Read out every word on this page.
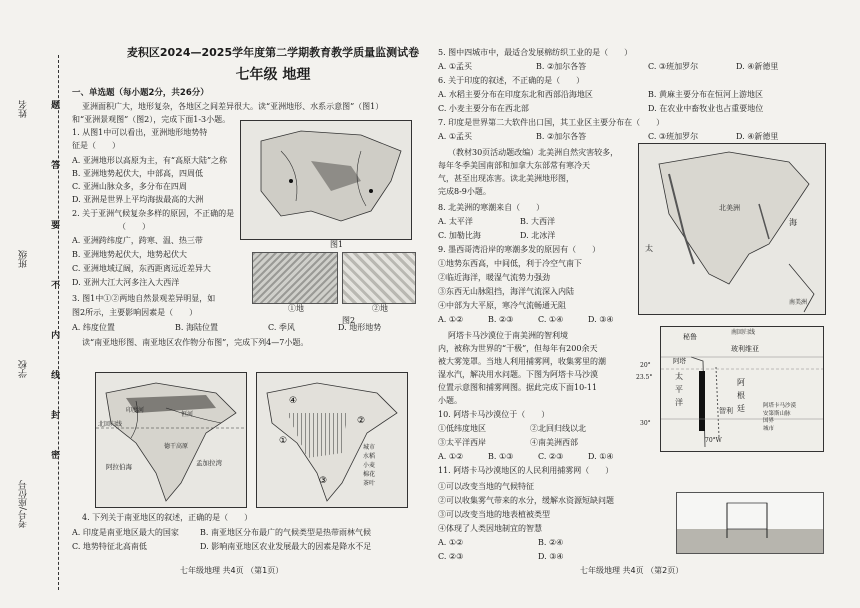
姓名
班级
学校
考号/座位号
题
答
要
不
内
线
封
密
麦积区2024—2025学年度第二学期教育教学质量监测试卷
七年级 地理
一、单选题（每小题2分，共26分）
亚洲面积广大，地形复杂，各地区之间差异很大。读“亚洲地形、水系示意图”（图1）
和“亚洲景观图”（图2），完成下面1-3小题。
1. 从图1中可以看出，亚洲地形地势特
征是（　　）
A. 亚洲地形以高原为主，有“高原大陆”之称
B. 亚洲地势起伏大，中部高，四周低
C. 亚洲山脉众多，多分布在四周
D. 亚洲是世界上平均海拔最高的大洲
2. 关于亚洲气候复杂多样的原因，不正确的是
（　　）
A. 亚洲跨纬度广，跨寒、温、热三带
B. 亚洲地势起伏大，地势起伏大
C. 亚洲地域辽阔，东西距离远近差异大
D. 亚洲大江大河多注入大西洋
3. 图1中①②两地自然景观差异明显，如
图2所示，主要影响因素是（　　）
A. 纬度位置	B. 海陆位置	C. 季风	D. 地形地势
读“南亚地形图、南亚地区农作物分布图”，完成下列4—7小题。
图1
①地	②地
图2
北回归线
阿拉伯海	孟加拉湾
德干高原
印度河
恒河
④
①
②
③
城市
水稻
小麦
棉花
茶叶
4. 下列关于南亚地区的叙述，正确的是（　　）
A. 印度是南亚地区最大的国家	B. 南亚地区分布最广的气候类型是热带雨林气候
C. 地势特征北高南低	D. 影响南亚地区农业发展最大的因素是降水不足
七年级地理 共4页 （第1页）
5. 图中四城市中，最适合发展棉纺织工业的是（　　）
A. ①孟买	B. ②加尔各答	C. ③班加罗尔	D. ④新德里
6. 关于印度的叙述，不正确的是（　　）
A. 水稻主要分布在印度东北和西部沿海地区	B. 黄麻主要分布在恒河上游地区
C. 小麦主要分布在西北部	D. 在农业中畜牧业也占重要地位
7. 印度是世界第二大软件出口国，其工业区主要分布在（　　）
A. ①孟买	B. ②加尔各答	C. ③班加罗尔	D. ④新德里
（教材30页活动题改编）北美洲自然灾害较多，
每年冬季美国南部和加拿大东部常有寒冷天
气，甚至出现冻害。读北美洲地形图，
完成8-9小题。
8. 北美洲的寒潮来自（　　）
A. 太平洋	B. 大西洋
C. 加勒比海	D. 北冰洋
9. 墨西哥湾沿岸的寒潮多发的原因有（　　）
①地势东西高，中间低，利于冷空气南下
②临近海洋，暖湿气流势力强劲
③东西无山脉阻挡，海洋气流深入内陆
④中部为大平原，寒冷气流畅通无阻
A. ①②	B. ②③	C. ①④	D. ③④
太
海
北美洲
南美洲
阿塔卡马沙漠位于南美洲的智利境
内，被称为世界的“干极”，但每年有200余天
被大雾笼罩。当地人利用捕雾网，收集雾里的潮
湿水汽，解决用水问题。下图为阿塔卡马沙漠
位置示意图和捕雾网图。据此完成下面10-11
小题。
10. 阿塔卡马沙漠位于（　　）
①低纬度地区	②北回归线以北
③太平洋西岸	④南美洲西部
A. ①②	B. ①③	C. ②③	D. ①④
11. 阿塔卡马沙漠地区的人民利用捕雾网（　　）
①可以改变当地的气候特征
②可以收集雾气带来的水分，缓解水资源短缺问题
③可以改变当地的地表植被类型
④体现了人类因地制宜的智慧
A. ①②	B. ②④
C. ②③	D. ③④
秘鲁
玻利维亚
南回归线
阿塔
太
平
洋
阿
根
廷
智利
70°W
阿塔卡马沙漠
安第斯山脉
国界
城市
20°
23.5°
30°
七年级地理 共4页 （第2页）
